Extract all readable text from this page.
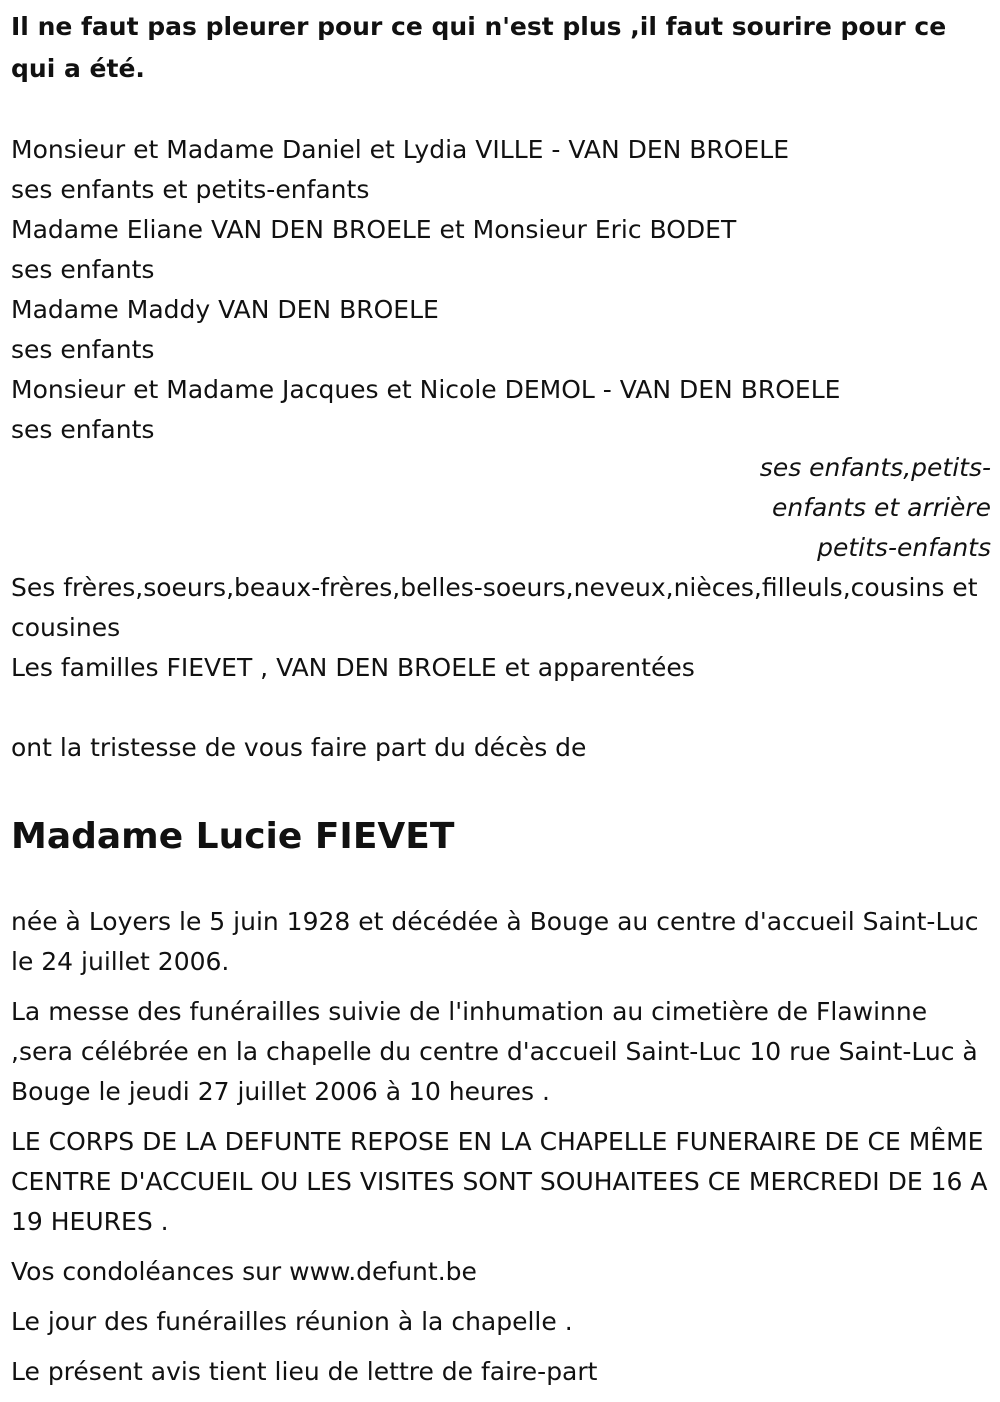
Il ne faut pas pleurer pour ce qui n'est plus ,il faut sourire pour ce qui a été.
Monsieur et Madame Daniel et Lydia VILLE - VAN DEN BROELE
ses enfants et petits-enfants
Madame Eliane VAN DEN BROELE et Monsieur Eric BODET
ses enfants
Madame Maddy VAN DEN BROELE
ses enfants
Monsieur et Madame Jacques et Nicole DEMOL - VAN DEN BROELE
ses enfants
ses enfants,petits-
enfants et arrière
petits-enfants
Ses frères,soeurs,beaux-frères,belles-soeurs,neveux,nièces,filleuls,cousins et cousines
Les familles FIEVET , VAN DEN BROELE et apparentées
ont la tristesse de vous faire part du décès de
Madame Lucie FIEVET
née à Loyers le 5 juin 1928 et décédée à Bouge au centre d'accueil Saint-Luc le 24 juillet 2006.
La messe des funérailles suivie de l'inhumation au cimetière de Flawinne ,sera célébrée en la chapelle du centre d'accueil Saint-Luc 10 rue Saint-Luc à Bouge le jeudi 27 juillet 2006 à 10 heures .
LE CORPS DE LA DEFUNTE REPOSE EN LA CHAPELLE FUNERAIRE DE CE MÊME CENTRE D'ACCUEIL OU LES VISITES SONT SOUHAITEES CE MERCREDI DE 16 A 19 HEURES .
Vos condoléances sur www.defunt.be
Le jour des funérailles réunion à la chapelle .
Le présent avis tient lieu de lettre de faire-part
